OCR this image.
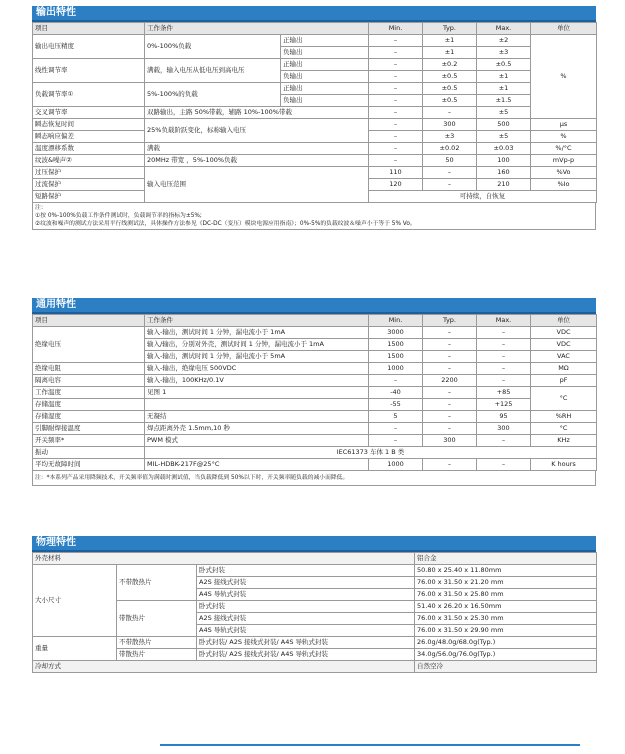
输出特性
项目	工作条件		Min.	Typ.	Max.	单位
输出电压精度	0%-100%负载	正输出	–	±1	±2	%
		负输出	–	±1	±3	
线性调节率	满载，输入电压从低电压到高电压	正输出	–	±0.2	±0.5	
		负输出	–	±0.5	±1	
负载调节率①	5%-100%的负载	正输出	–	±0.5	±1	
		负输出	–	±0.5	±1.5	
交叉调节率	双路输出，主路 50%带载，辅路 10%-100%带载		–	–	±5	
瞬态恢复时间	25%负载阶跃变化，标称输入电压		–	300	500	μs
瞬态响应偏差			–	±3	±5	%
温度漂移系数	满载		–	±0.02	±0.03	%/°C
纹波&噪声②	20MHz 带宽 ，5%-100%负载		–	50	100	mVp-p
过压保护	输入电压范围		110	–	160	%Vo
过流保护			120	–	210	%Io
短路保护			可持续，自恢复			
注：
①按 0%-100%负载工作条件测试时，负载调节率的指标为±5%;
②纹波和噪声的测试方法采用平行线测试法，具体操作方法参见《DC-DC（变压）模块电源应用指南》；0%-5%的负载纹波＆噪声小于等于 5% Vo。
通用特性
项目	工作条件	Min.	Typ.	Max.	单位
绝缘电压	输入-输出，测试时间 1 分钟，漏电流小于 1mA	3000	–	–	VDC
	输入/输出，分别对外壳，测试时间 1 分钟，漏电流小于 1mA	1500	–	–	VDC
	输入-输出，测试时间 1 分钟，漏电流小于 5mA	1500	–	–	VAC
绝缘电阻	输入-输出，绝缘电压 500VDC	1000	–	–	MΩ
隔离电容	输入-输出，100KHz/0.1V	–	2200	–	pF
工作温度	见图 1	-40	–	+85	°C
存储温度		-55	–	+125	
存储湿度	无凝结	5	–	95	%RH
引脚耐焊接温度	焊点距离外壳 1.5mm,10 秒	–	–	300	°C
开关频率*	PWM 模式	–	300	–	KHz
振动	IEC61373 车体 1 B 类				
平均无故障时间	MIL-HDBK-217F@25°C	1000	–	–	K hours
注：*本系列产品采用降频技术，开关频率值为满载时测试值，当负载降低到 50%以下时，开关频率随负载的减小而降低。
物理特性
外壳材料			铝合金
大小尺寸	不带散热片	卧式封装	50.80 x 25.40 x 11.80mm
		A2S 接线式封装	76.00 x 31.50 x 21.20 mm
		A4S 导轨式封装	76.00 x 31.50 x 25.80 mm
	带散热片	卧式封装	51.40 x 26.20 x 16.50mm
		A2S 接线式封装	76.00 x 31.50 x 25.30 mm
		A4S 导轨式封装	76.00 x 31.50 x 29.90 mm
重量	不带散热片	卧式封装/ A2S 接线式封装/ A4S 导轨式封装	26.0g/48.0g/68.0g(Typ.)
	带散热片	卧式封装/ A2S 接线式封装/ A4S 导轨式封装	34.0g/56.0g/76.0g(Typ.)
冷却方式			自然空冷
